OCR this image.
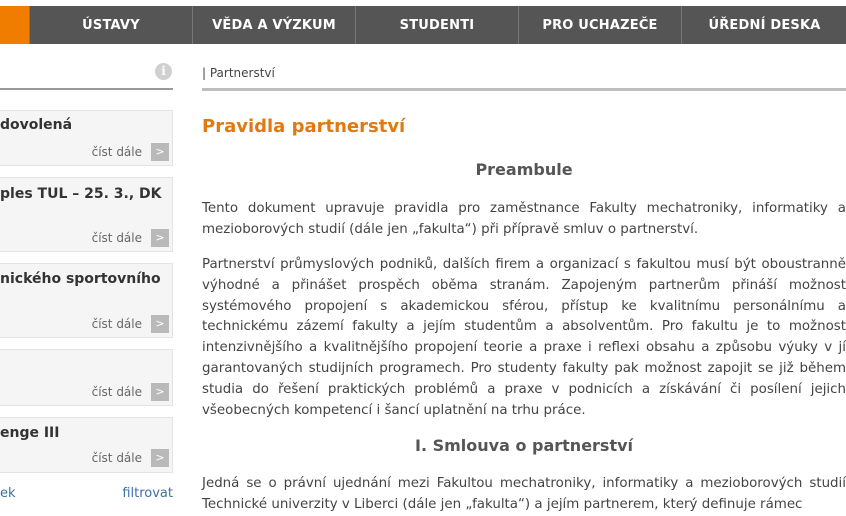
ÚSTAVY	VĚDA A VÝZKUM	STUDENTI	PRO UCHAZEČE	ÚŘEDNÍ DESKA
i
dovolená
číst dále	>
ples TUL – 25. 3., DK
číst dále	>
nického sportovního
číst dále	>
číst dále	>
enge III
číst dále	>
ek	filtrovat
| Partnerství
Pravidla partnerství
Preambule

Tento dokument upravuje pravidla pro zaměstnance Fakulty mechatroniky, informatiky a mezioborových studií (dále jen „fakulta“) při přípravě smluv o partnerství.

Partnerství průmyslových podniků, dalších firem a organizací s fakultou musí být oboustranně výhodné a přinášet prospěch oběma stranám. Zapojeným partnerům přináší možnost systémového propojení s akademickou sférou, přístup ke kvalitnímu personálnímu a technickému zázemí fakulty a jejím studentům a absolventům. Pro fakultu je to možnost intenzivnějšího a kvalitnějšího propojení teorie a praxe i reflexi obsahu a způsobu výuky v jí garantovaných studijních programech. Pro studenty fakulty pak možnost zapojit se již během studia do řešení praktických problémů a praxe v podnicích a získávání či posílení jejich všeobecných kompetencí i šancí uplatnění na trhu práce.

I. Smlouva o partnerství

Jedná se o právní ujednání mezi Fakultou mechatroniky, informatiky a mezioborových studií Technické univerzity v Liberci (dále jen „fakulta“) a jejím partnerem, který definuje rámec
